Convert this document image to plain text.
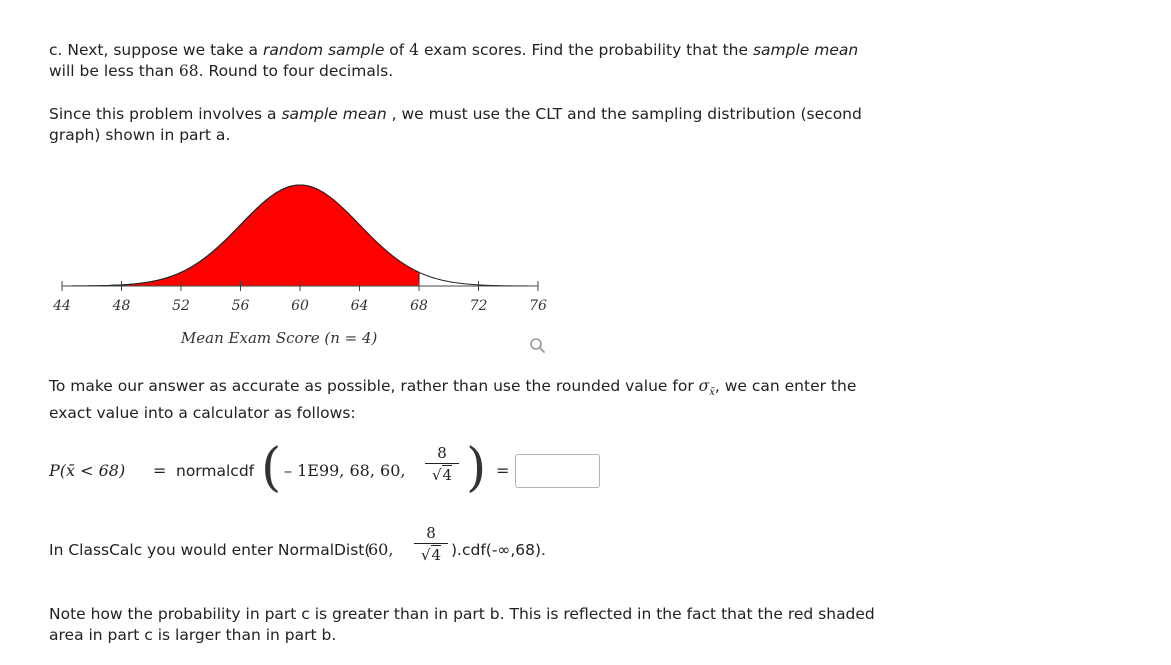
c. Next, suppose we take a random sample of 4 exam scores. Find the probability that the sample mean
will be less than 68. Round to four decimals.
Since this problem involves a sample mean , we must use the CLT and the sampling distribution (second
graph) shown in part a.
44	48	52	56	60	64	68	72	76
Mean Exam Score (n = 4)
To make our answer as accurate as possible, rather than use the rounded value for $\sigma_{x̄}$, we can enter the
exact value into a calculator as follows:
P(x̄ < 68) = normalcdf ( – 1E99, 68, 60,
8
√4 ) =
In ClassCalc you would enter NormalDist(
60,
8
√4 ).cdf(-∞,68).
Note how the probability in part c is greater than in part b. This is reflected in the fact that the red shaded
area in part c is larger than in part b.
